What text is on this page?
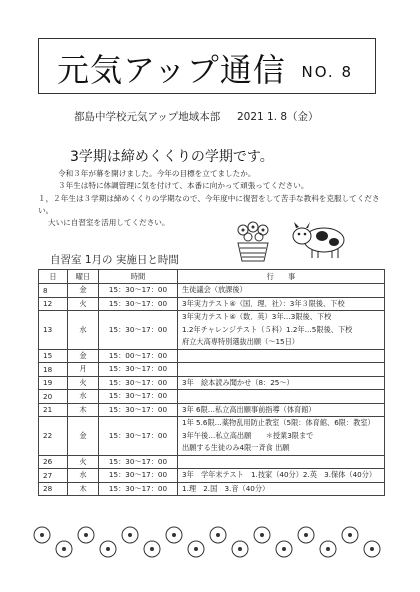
元気アップ通信 NO. 8
都島中学校元気アップ地域本部 2021 1. 8（金）
3学期は締めくくりの学期です。
令和３年が幕を開けました。今年の目標を立てましたか。
３年生は特に体調管理に気を付けて、本番に向かって頑張ってください。
１，２年生は３学期は締めくくりの学期なので、今年度中に復習をして苦手な教科を克服してくださ
い。
大いに自習室を活用してください。
自習室 1月の 実施日と時間
日	曜日	時間	行　　事
8	金	15：30～17：00	生徒議会（放課後）

12	火	15：30～17：00	3年実力テスト④（国．理．社）：3年３限後、下校

13	水	15：30～17：00	3年実力テスト④（数．英）3年…3限後、下校
1.2年チャレンジテスト（５科）1.2年…5限後、下校
府立大高専特別選抜出願（～15日）

15	金	15：00～17：00	

18	月	15：30～17：00	

19	火	15：30～17：00	3年　絵本読み聞かせ（8：25～）

20	水	15：30～17：00	

21	木	15：30～17：00	3年 6限…私立高出願事前指導（体育館）

22	金	15：30～17：00	1年 5.6限…薬物乱用防止教室（5限：体育館、6限：教室）
3年午後…私立高出願　　＊授業3限まで
出願する生徒のみ4限一斉食 出願

26	火	15：30～17：00	

27	水	15：30～17：00	3年　学年末テスト　1.技家（40分）2.英　3.保体（40分）

28	木	15：30～17：00	1.理　2.国　3.音（40分）
